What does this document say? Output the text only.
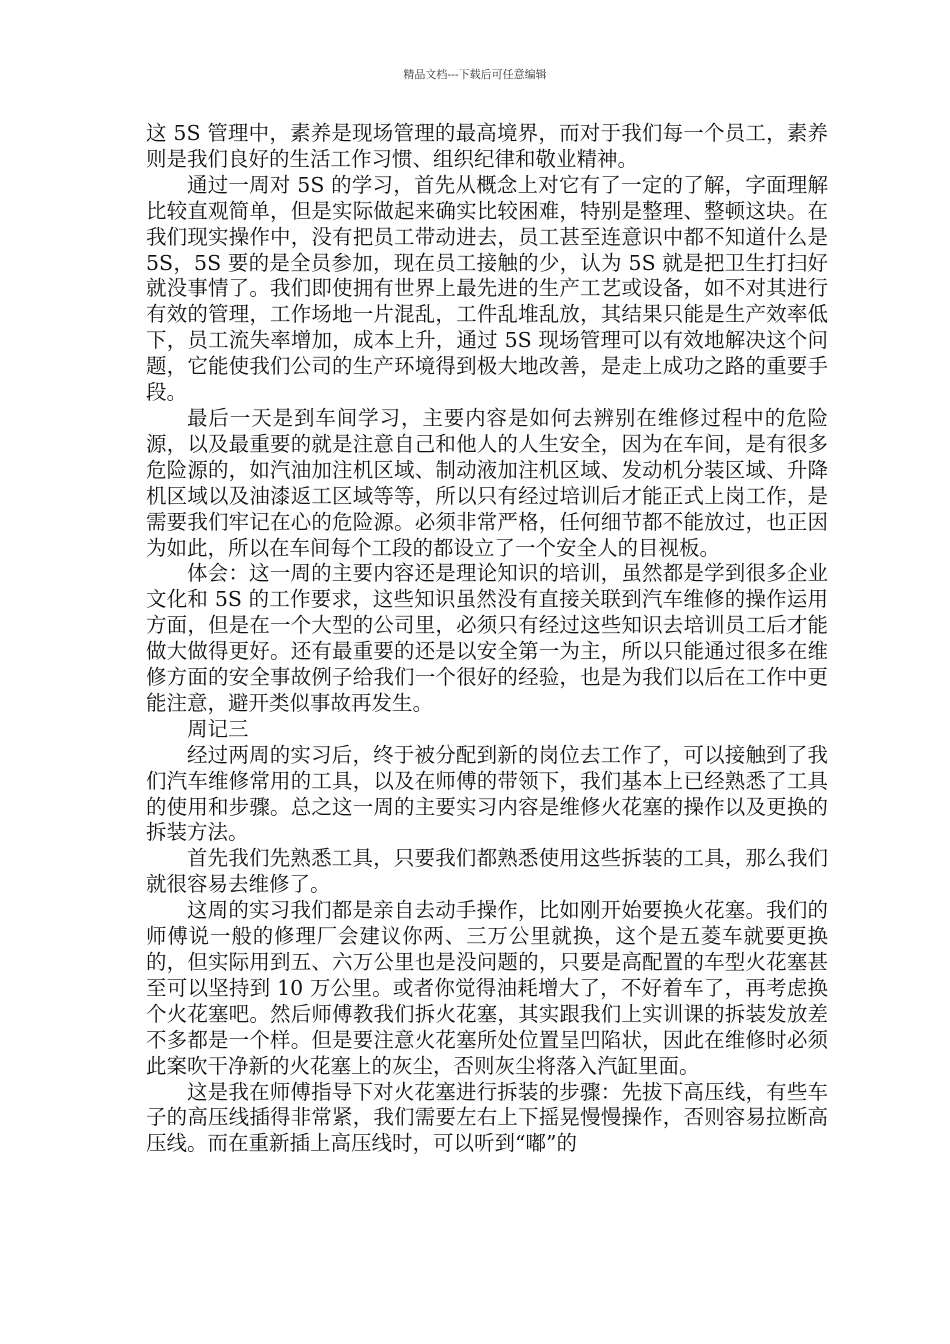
精品文档---下载后可任意编辑

这 5S 管理中，素养是现场管理的最高境界，而对于我们每一个员工，素养则是我们良好的生活工作习惯、组织纪律和敬业精神。

通过一周对 5S 的学习，首先从概念上对它有了一定的了解，字面理解比较直观简单，但是实际做起来确实比较困难，特别是整理、整顿这块。在我们现实操作中，没有把员工带动进去，员工甚至连意识中都不知道什么是 5S，5S 要的是全员参加，现在员工接触的少，认为 5S 就是把卫生打扫好就没事情了。我们即使拥有世界上最先进的生产工艺或设备，如不对其进行有效的管理，工作场地一片混乱，工件乱堆乱放，其结果只能是生产效率低下，员工流失率增加，成本上升，通过 5S 现场管理可以有效地解决这个问题，它能使我们公司的生产环境得到极大地改善，是走上成功之路的重要手段。

最后一天是到车间学习，主要内容是如何去辨别在维修过程中的危险源，以及最重要的就是注意自己和他人的人生安全，因为在车间，是有很多危险源的，如汽油加注机区域、制动液加注机区域、发动机分装区域、升降机区域以及油漆返工区域等等，所以只有经过培训后才能正式上岗工作，是需要我们牢记在心的危险源。必须非常严格，任何细节都不能放过，也正因为如此，所以在车间每个工段的都设立了一个安全人的目视板。

体会：这一周的主要内容还是理论知识的培训，虽然都是学到很多企业文化和 5S 的工作要求，这些知识虽然没有直接关联到汽车维修的操作运用方面，但是在一个大型的公司里，必须只有经过这些知识去培训员工后才能做大做得更好。还有最重要的还是以安全第一为主，所以只能通过很多在维修方面的安全事故例子给我们一个很好的经验，也是为我们以后在工作中更能注意，避开类似事故再发生。

周记三

经过两周的实习后，终于被分配到新的岗位去工作了，可以接触到了我们汽车维修常用的工具，以及在师傅的带领下，我们基本上已经熟悉了工具的使用和步骤。总之这一周的主要实习内容是维修火花塞的操作以及更换的拆装方法。

首先我们先熟悉工具，只要我们都熟悉使用这些拆装的工具，那么我们就很容易去维修了。

这周的实习我们都是亲自去动手操作，比如刚开始要换火花塞。我们的师傅说一般的修理厂会建议你两、三万公里就换，这个是五菱车就要更换的，但实际用到五、六万公里也是没问题的，只要是高配置的车型火花塞甚至可以坚持到 10 万公里。或者你觉得油耗增大了，不好着车了，再考虑换个火花塞吧。然后师傅教我们拆火花塞，其实跟我们上实训课的拆装发放差不多都是一个样。但是要注意火花塞所处位置呈凹陷状，因此在维修时必须此案吹干净新的火花塞上的灰尘，否则灰尘将落入汽缸里面。

这是我在师傅指导下对火花塞进行拆装的步骤：先拔下高压线，有些车子的高压线插得非常紧，我们需要左右上下摇晃慢慢操作，否则容易拉断高压线。而在重新插上高压线时，可以听到“嘟”的
